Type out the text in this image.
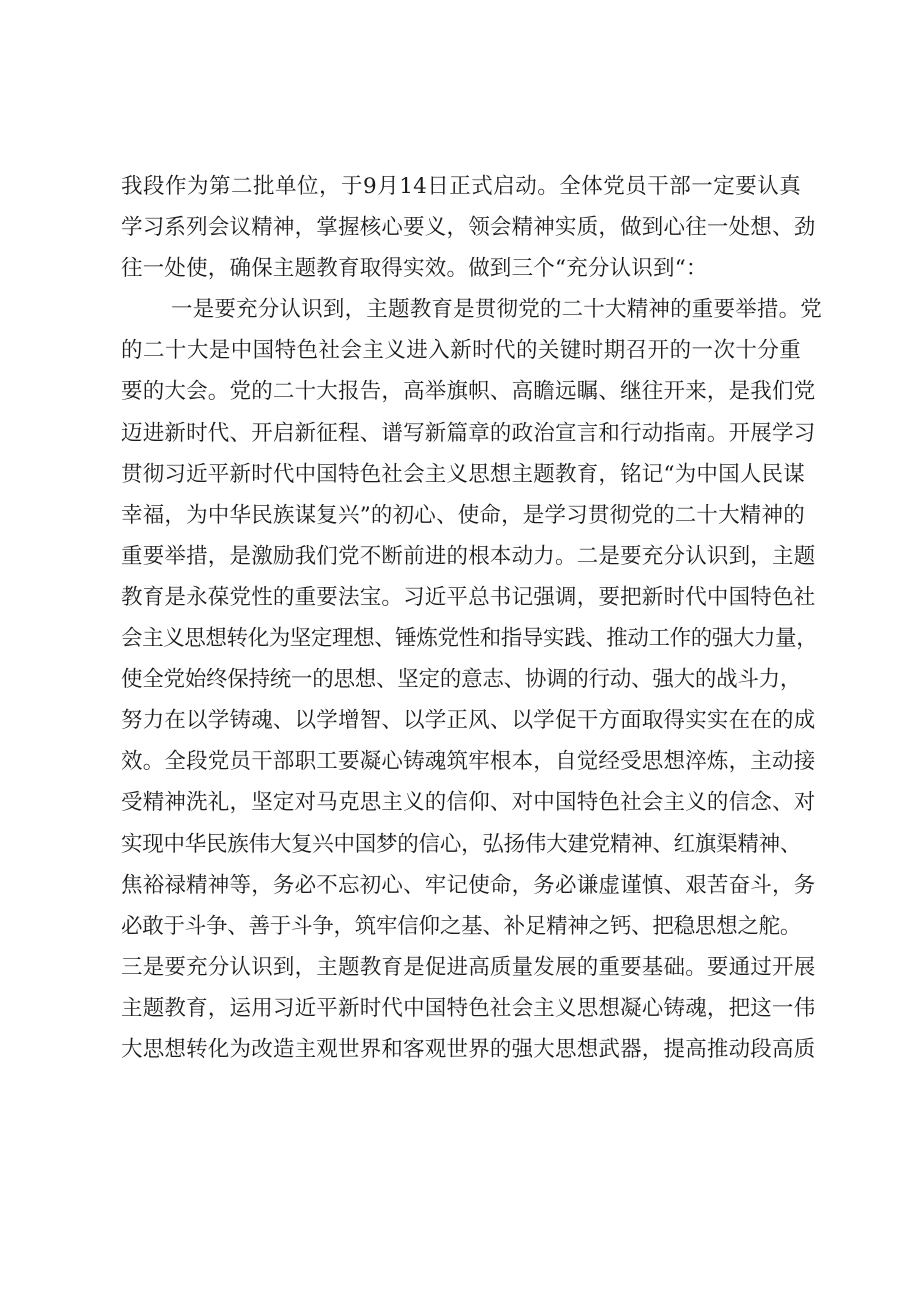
我段作为第二批单位，于9月14日正式启动。全体党员干部一定要认真
学习系列会议精神，掌握核心要义，领会精神实质，做到心往一处想、劲
往一处使，确保主题教育取得实效。做到三个“充分认识到“：
一是要充分认识到，主题教育是贯彻党的二十大精神的重要举措。党
的二十大是中国特色社会主义进入新时代的关键时期召开的一次十分重
要的大会。党的二十大报告，高举旗帜、高瞻远瞩、继往开来，是我们党
迈进新时代、开启新征程、谱写新篇章的政治宣言和行动指南。开展学习
贯彻习近平新时代中国特色社会主义思想主题教育，铭记“为中国人民谋
幸福，为中华民族谋复兴”的初心、使命，是学习贯彻党的二十大精神的
重要举措，是激励我们党不断前进的根本动力。二是要充分认识到，主题
教育是永葆党性的重要法宝。习近平总书记强调，要把新时代中国特色社
会主义思想转化为坚定理想、锤炼党性和指导实践、推动工作的强大力量，
使全党始终保持统一的思想、坚定的意志、协调的行动、强大的战斗力，
努力在以学铸魂、以学增智、以学正风、以学促干方面取得实实在在的成
效。全段党员干部职工要凝心铸魂筑牢根本，自觉经受思想淬炼，主动接
受精神洗礼，坚定对马克思主义的信仰、对中国特色社会主义的信念、对
实现中华民族伟大复兴中国梦的信心，弘扬伟大建党精神、红旗渠精神、
焦裕禄精神等，务必不忘初心、牢记使命，务必谦虚谨慎、艰苦奋斗，务
必敢于斗争、善于斗争，筑牢信仰之基、补足精神之钙、把稳思想之舵。
三是要充分认识到，主题教育是促进高质量发展的重要基础。要通过开展
主题教育，运用习近平新时代中国特色社会主义思想凝心铸魂，把这一伟
大思想转化为改造主观世界和客观世界的强大思想武器，提高推动段高质
